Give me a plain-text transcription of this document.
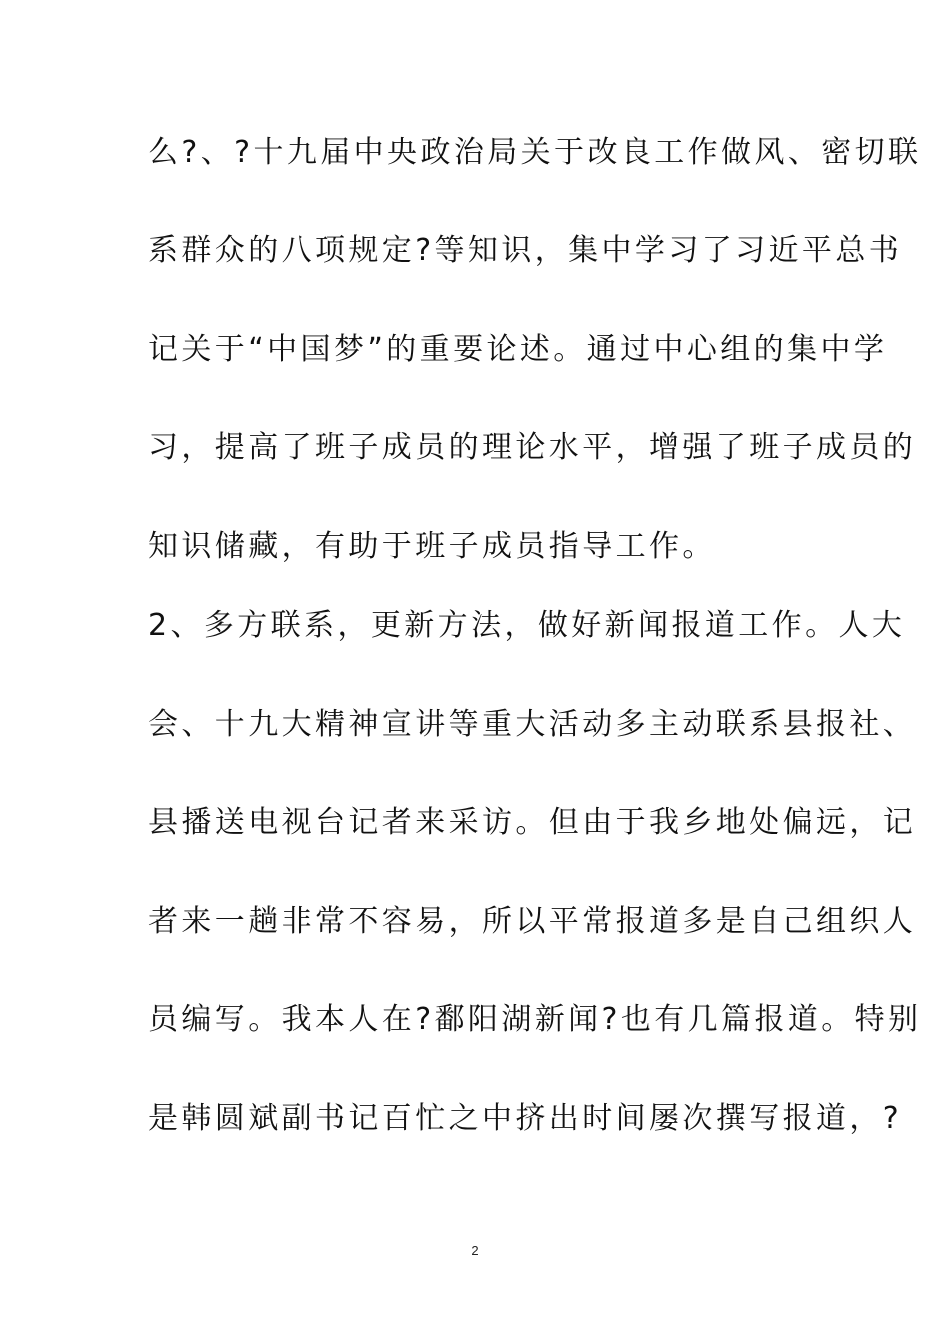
么?、?十九届中央政治局关于改良工作做风、密切联
系群众的八项规定?等知识，集中学习了习近平总书
记关于“中国梦”的重要论述。通过中心组的集中学
习，提高了班子成员的理论水平，增强了班子成员的
知识储藏，有助于班子成员指导工作。
2、多方联系，更新方法，做好新闻报道工作。人大
会、十九大精神宣讲等重大活动多主动联系县报社、
县播送电视台记者来采访。但由于我乡地处偏远，记
者来一趟非常不容易，所以平常报道多是自己组织人
员编写。我本人在?鄱阳湖新闻?也有几篇报道。特别
是韩圆斌副书记百忙之中挤出时间屡次撰写报道，?
2
